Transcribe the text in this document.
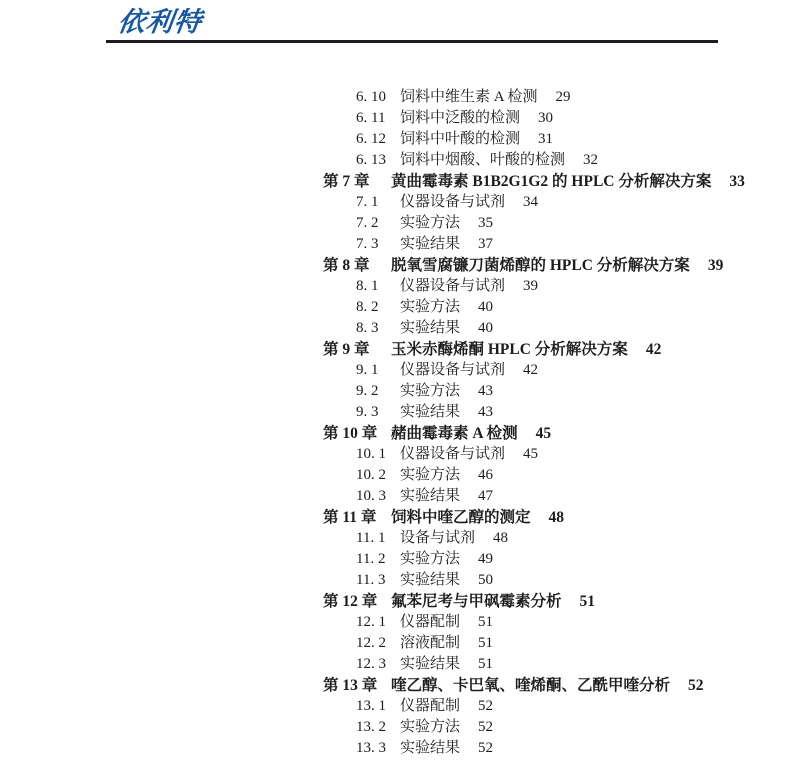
依利特
6. 10 饲料中维生素 A 检测 29
6. 11 饲料中泛酸的检测 30
6. 12 饲料中叶酸的检测 31
6. 13 饲料中烟酸、叶酸的检测 32
第 7 章 黄曲霉毒素 B1B2G1G2 的 HPLC 分析解决方案 33
7. 1 仪器设备与试剂 34
7. 2 实验方法 35
7. 3 实验结果 37
第 8 章 脱氧雪腐镰刀菌烯醇的 HPLC 分析解决方案 39
8. 1 仪器设备与试剂 39
8. 2 实验方法 40
8. 3 实验结果 40
第 9 章 玉米赤酶烯酮 HPLC 分析解决方案 42
9. 1 仪器设备与试剂 42
9. 2 实验方法 43
9. 3 实验结果 43
第 10 章 赭曲霉毒素 A 检测 45
10. 1 仪器设备与试剂 45
10. 2 实验方法 46
10. 3 实验结果 47
第 11 章 饲料中喹乙醇的测定 48
11. 1 设备与试剂 48
11. 2 实验方法 49
11. 3 实验结果 50
第 12 章 氟苯尼考与甲砜霉素分析 51
12. 1 仪器配制 51
12. 2 溶液配制 51
12. 3 实验结果 51
第 13 章 喹乙醇、卡巴氧、喹烯酮、乙酰甲喹分析 52
13. 1 仪器配制 52
13. 2 实验方法 52
13. 3 实验结果 52
